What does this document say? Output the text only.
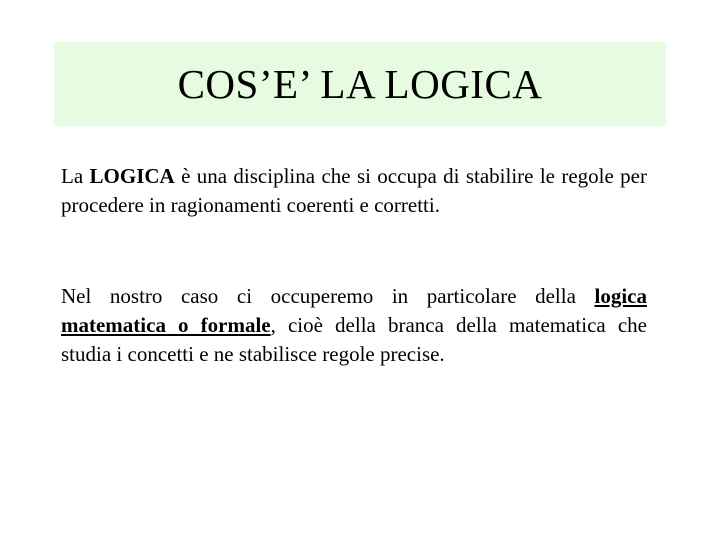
COS’E’ LA LOGICA

La LOGICA è una disciplina che si occupa di stabilire le regole per procedere in ragionamenti coerenti e corretti.

Nel nostro caso ci occuperemo in particolare della logica matematica o formale, cioè della branca della matematica che studia i concetti e ne stabilisce regole precise.
